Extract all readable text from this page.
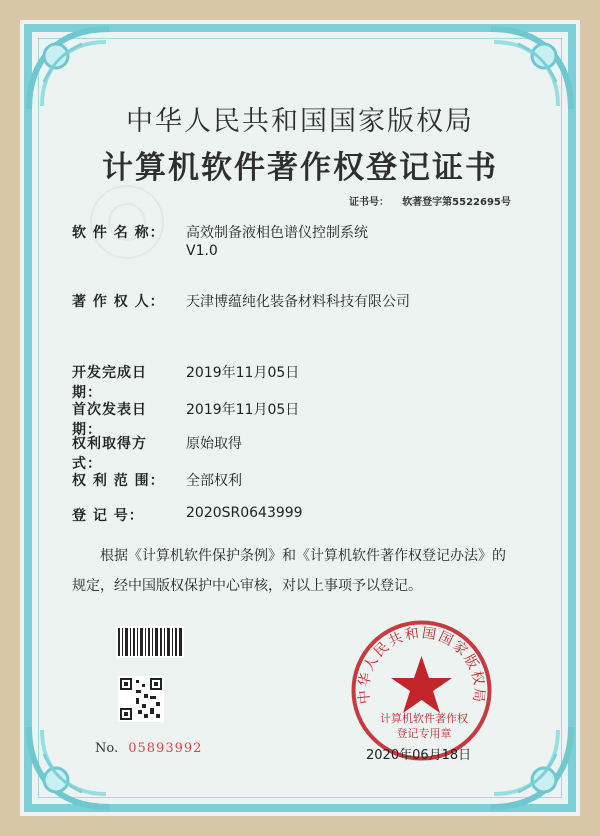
中华人民共和国国家版权局
计算机软件著作权登记证书
证书号： 软著登字第5522695号
软 件 名 称：	高效制备液相色谱仪控制系统
V1.0
著 作 权 人：	天津博蕴纯化装备材料科技有限公司
开发完成日期：
2019年11月05日
首次发表日期：
2019年11月05日
权利取得方式：
原始取得
权 利 范 围：	全部权利
登 记 号：	2020SR0643999
根据《计算机软件保护条例》和《计算机软件著作权登记办法》的
规定，经中国版权保护中心审核，对以上事项予以登记。
No. 05893992
中华人民共和国国家版权局
计算机软件著作权
登记专用章
2020年06月18日
